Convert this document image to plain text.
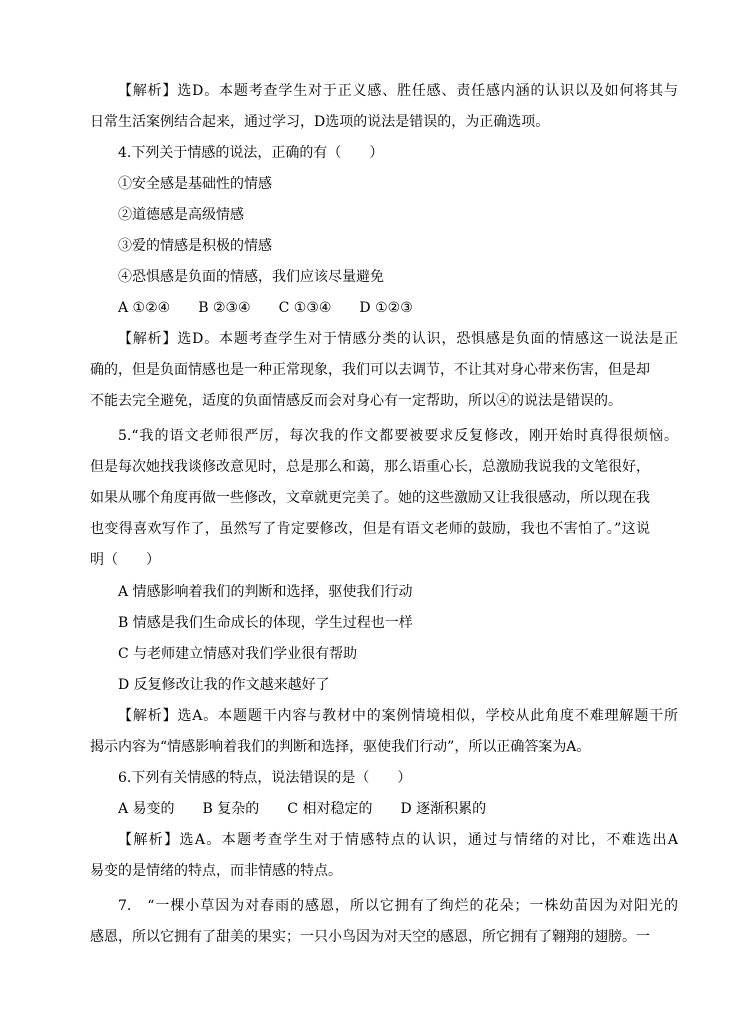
【解析】选D。本题考查学生对于正义感、胜任感、责任感内涵的认识以及如何将其与
日常生活案例结合起来，通过学习，D选项的说法是错误的，为正确选项。
4.下列关于情感的说法，正确的有（　　）
①安全感是基础性的情感
②道德感是高级情感
③爱的情感是积极的情感
④恐惧感是负面的情感，我们应该尽量避免
A ①②④　　B ②③④　　C ①③④　　D ①②③
【解析】选D。本题考查学生对于情感分类的认识，恐惧感是负面的情感这一说法是正
确的，但是负面情感也是一种正常现象，我们可以去调节，不让其对身心带来伤害，但是却
不能去完全避免，适度的负面情感反而会对身心有一定帮助，所以④的说法是错误的。
5.“我的语文老师很严厉，每次我的作文都要被要求反复修改，刚开始时真得很烦恼。
但是每次她找我谈修改意见时，总是那么和蔼，那么语重心长，总激励我说我的文笔很好，
如果从哪个角度再做一些修改，文章就更完美了。她的这些激励又让我很感动，所以现在我
也变得喜欢写作了，虽然写了肯定要修改，但是有语文老师的鼓励，我也不害怕了。”这说
明（　　）
A 情感影响着我们的判断和选择，驱使我们行动
B 情感是我们生命成长的体现，学生过程也一样
C 与老师建立情感对我们学业很有帮助
D 反复修改让我的作文越来越好了
【解析】选A。本题题干内容与教材中的案例情境相似，学校从此角度不难理解题干所
揭示内容为“情感影响着我们的判断和选择，驱使我们行动”，所以正确答案为A。
6.下列有关情感的特点，说法错误的是（　　）
A 易变的　　B 复杂的　　C 相对稳定的　　D 逐渐积累的
【解析】选A。本题考查学生对于情感特点的认识，通过与情绪的对比，不难选出A
易变的是情绪的特点，而非情感的特点。
7.　“一棵小草因为对春雨的感恩，所以它拥有了绚烂的花朵；一株幼苗因为对阳光的
感恩，所以它拥有了甜美的果实；一只小鸟因为对天空的感恩，所它拥有了翱翔的翅膀。一
